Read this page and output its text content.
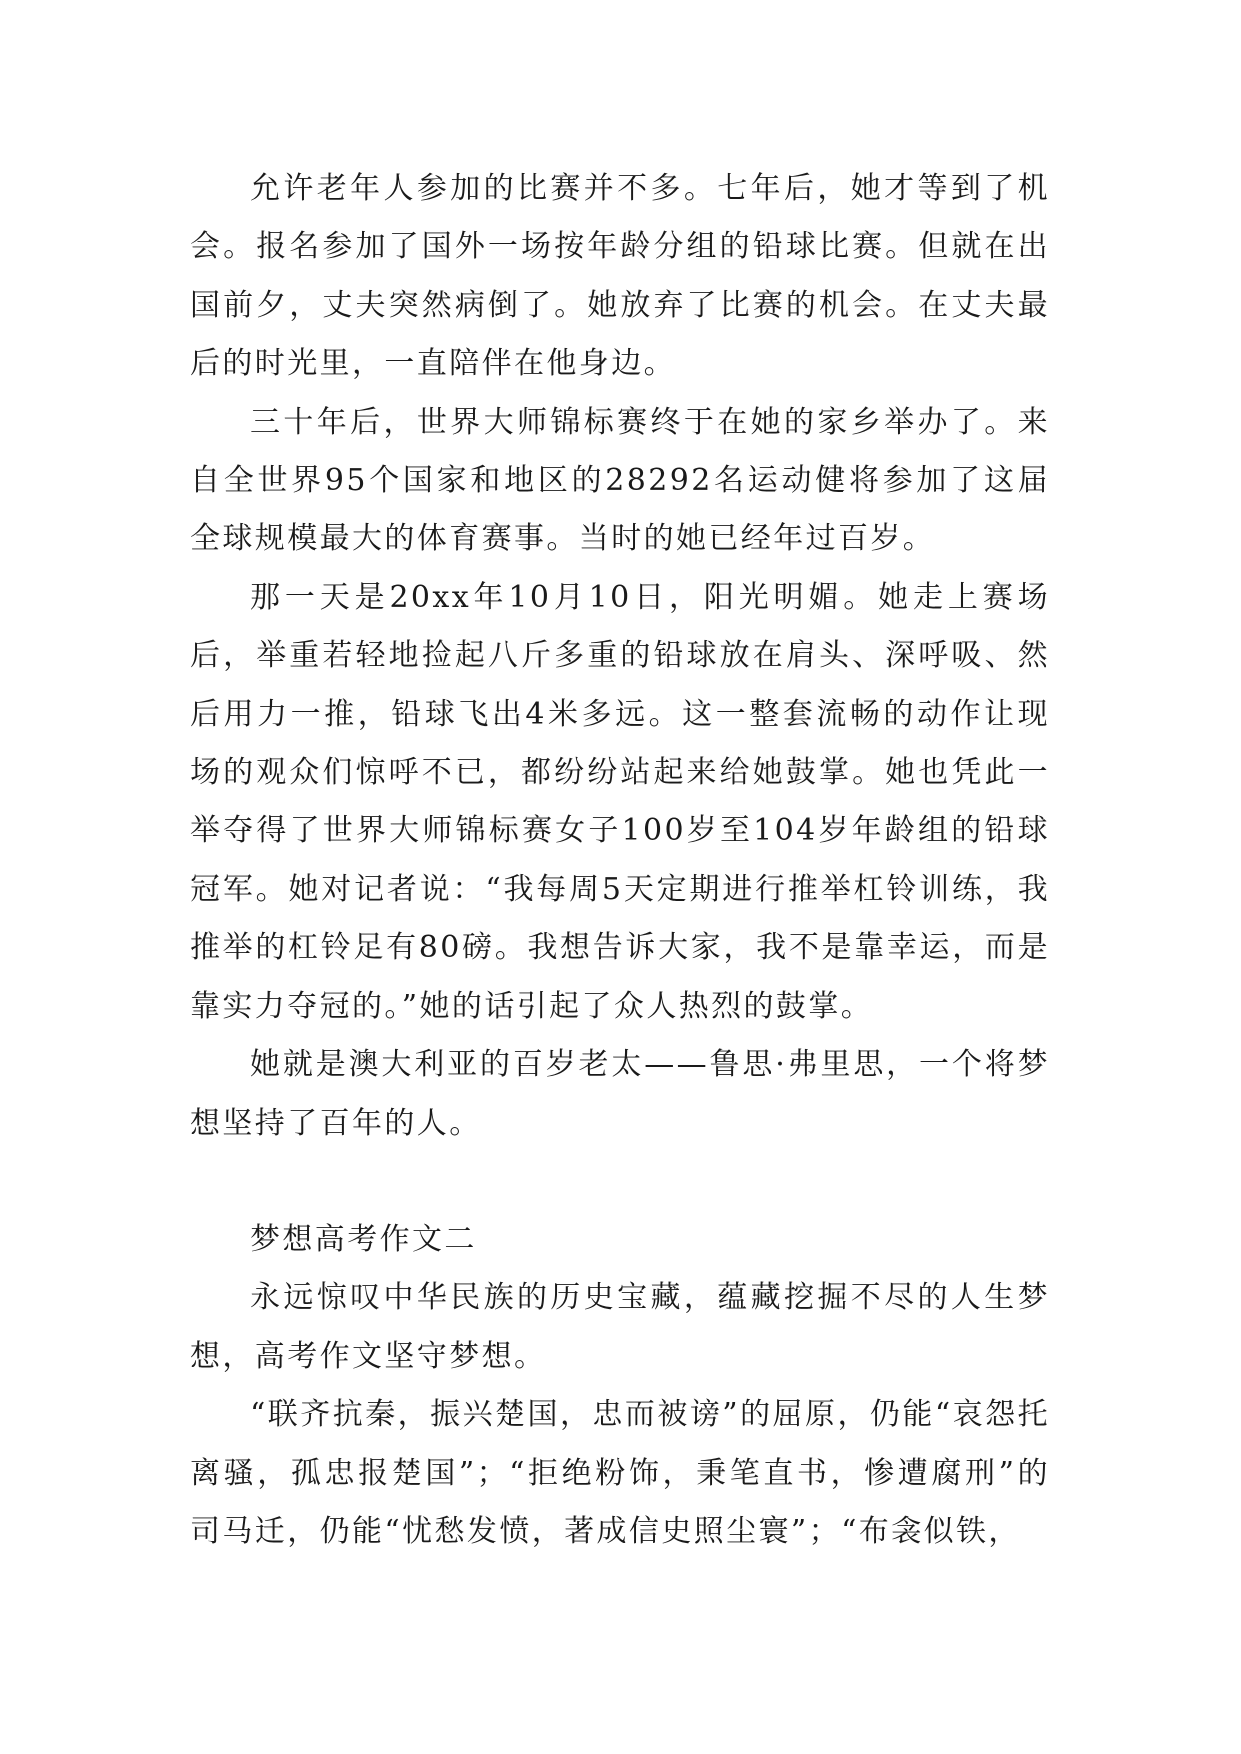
允许老年人参加的比赛并不多。七年后，她才等到了机会。报名参加了国外一场按年龄分组的铅球比赛。但就在出国前夕，丈夫突然病倒了。她放弃了比赛的机会。在丈夫最后的时光里，一直陪伴在他身边。

三十年后，世界大师锦标赛终于在她的家乡举办了。来自全世界95个国家和地区的28292名运动健将参加了这届全球规模最大的体育赛事。当时的她已经年过百岁。

那一天是20xx年10月10日，阳光明媚。她走上赛场后，举重若轻地捡起八斤多重的铅球放在肩头、深呼吸、然后用力一推，铅球飞出4米多远。这一整套流畅的动作让现场的观众们惊呼不已，都纷纷站起来给她鼓掌。她也凭此一举夺得了世界大师锦标赛女子100岁至104岁年龄组的铅球冠军。她对记者说：“我每周5天定期进行推举杠铃训练，我推举的杠铃足有80磅。我想告诉大家，我不是靠幸运，而是靠实力夺冠的。”她的话引起了众人热烈的鼓掌。

她就是澳大利亚的百岁老太——鲁思·弗里思，一个将梦想坚持了百年的人。

梦想高考作文二

永远惊叹中华民族的历史宝藏，蕴藏挖掘不尽的人生梦想，高考作文坚守梦想。

“联齐抗秦，振兴楚国，忠而被谤”的屈原，仍能“哀怨托离骚，孤忠报楚国”；“拒绝粉饰，秉笔直书，惨遭腐刑”的司马迁，仍能“忧愁发愤，著成信史照尘寰”；“布衾似铁，
